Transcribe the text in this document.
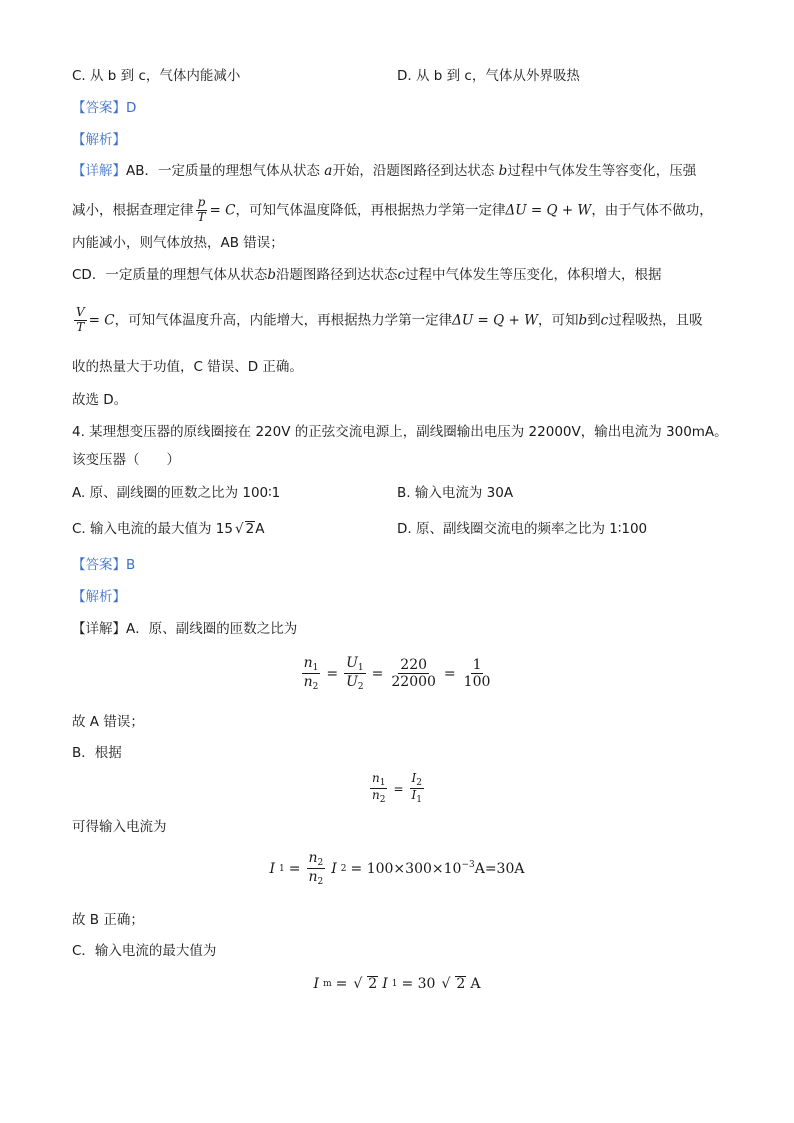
C. 从 b 到 c，气体内能减小	D. 从 b 到 c，气体从外界吸热
【答案】D
【解析】
【详解】AB．一定质量的理想气体从状态 a开始，沿题图路径到达状态 b过程中气体发生等容变化，压强
减小，根据查理定律 $\frac{p}{T} = C$，可知气体温度降低，再根据热力学第一定律ΔU = Q + W，由于气体不做功，
内能减小，则气体放热，AB 错误；
CD．一定质量的理想气体从状态b沿题图路径到达状态c过程中气体发生等压变化，体积增大，根据
$\frac{V}{T} = C$，可知气体温度升高，内能增大，再根据热力学第一定律ΔU = Q + W，可知b到c过程吸热，且吸
收的热量大于功值，C 错误、D 正确。
故选 D。
4. 某理想变压器的原线圈接在 220V 的正弦交流电源上，副线圈输出电压为 22000V，输出电流为 300mA。
该变压器（　　）
A. 原、副线圈的匝数之比为 100∶1	B. 输入电流为 30A
C. 输入电流的最大值为 15 √ 2A	D. 原、副线圈交流电的频率之比为 1∶100
【答案】B
【解析】
【详解】A．原、副线圈的匝数之比为
$\frac{n_1}{n_2} = \frac{U_1}{U_2} = \frac{220}{22000} = \frac{1}{100}$
故 A 错误；
B．根据
$\frac{n_1}{n_2} = \frac{I_2}{I_1}$
可得输入电流为
I $1 = \frac{n_2}{n_2}$ I $2 = 100\times 300\times 10^{-3}A=30A$
故 B 正确；
C．输入电流的最大值为
I m = √ 2 I 1 = 30 √ 2 A
